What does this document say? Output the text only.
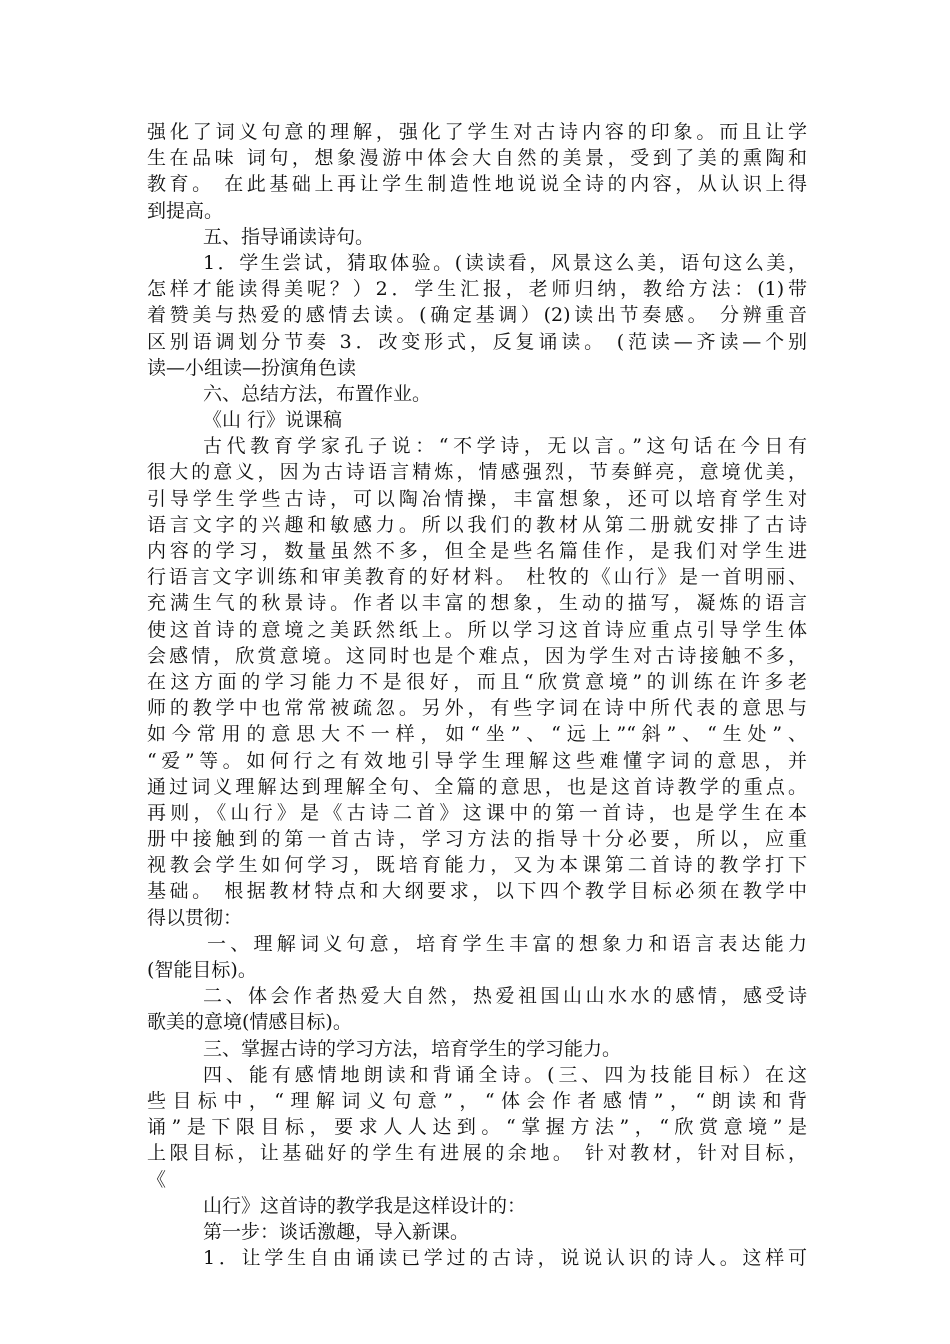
强化了词义句意的理解，强化了学生对古诗内容的印象。而且让学
生在品味 词句，想象漫游中体会大自然的美景，受到了美的熏陶和
教育。 在此基础上再让学生制造性地说说全诗的内容，从认识上得
到提高。
五、指导诵读诗句。
1．学生尝试，猜取体验。(读读看，风景这么美，语句这么美，
怎样才能读得美呢？）2．学生汇报，老师归纳，教给方法：(1)带
着赞美与热爱的感情去读。(确定基调）(2)读出节奏感。 分辨重音
区别语调划分节奏 3．改变形式，反复诵读。 (范读—齐读—个别
读—小组读—扮演角色读
六、总结方法，布置作业。
《山 行》说课稿
古代教育学家孔子说：“不学诗，无以言。”这句话在今日有
很大的意义，因为古诗语言精炼，情感强烈，节奏鲜亮，意境优美，
引导学生学些古诗，可以陶冶情操，丰富想象，还可以培育学生对
语言文字的兴趣和敏感力。所以我们的教材从第二册就安排了古诗
内容的学习，数量虽然不多，但全是些名篇佳作，是我们对学生进
行语言文字训练和审美教育的好材料。 杜牧的《山行》是一首明丽、
充满生气的秋景诗。作者以丰富的想象，生动的描写，凝炼的语言
使这首诗的意境之美跃然纸上。所以学习这首诗应重点引导学生体
会感情，欣赏意境。这同时也是个难点，因为学生对古诗接触不多，
在这方面的学习能力不是很好，而且“欣赏意境”的训练在许多老
师的教学中也常常被疏忽。另外，有些字词在诗中所代表的意思与
如今常用的意思大不一样，如“坐”、“远上”“斜”、“生处”、
“爱”等。如何行之有效地引导学生理解这些难懂字词的意思，并
通过词义理解达到理解全句、全篇的意思，也是这首诗教学的重点。
再则，《山行》是《古诗二首》这课中的第一首诗，也是学生在本
册中接触到的第一首古诗，学习方法的指导十分必要，所以，应重
视教会学生如何学习，既培育能力，又为本课第二首诗的教学打下
基础。 根据教材特点和大纲要求，以下四个教学目标必须在教学中
得以贯彻：
一、理解词义句意，培育学生丰富的想象力和语言表达能力
(智能目标)。
二、体会作者热爱大自然，热爱祖国山山水水的感情，感受诗
歌美的意境(情感目标)。
三、掌握古诗的学习方法，培育学生的学习能力。
四、能有感情地朗读和背诵全诗。(三、四为技能目标）在这
些目标中，“理解词义句意”，“体会作者感情”，“朗读和背
诵”是下限目标，要求人人达到。“掌握方法”，“欣赏意境”是
上限目标，让基础好的学生有进展的余地。 针对教材，针对目标，
《
山行》这首诗的教学我是这样设计的：
第一步：谈话激趣，导入新课。
1．让学生自由诵读已学过的古诗，说说认识的诗人。这样可
